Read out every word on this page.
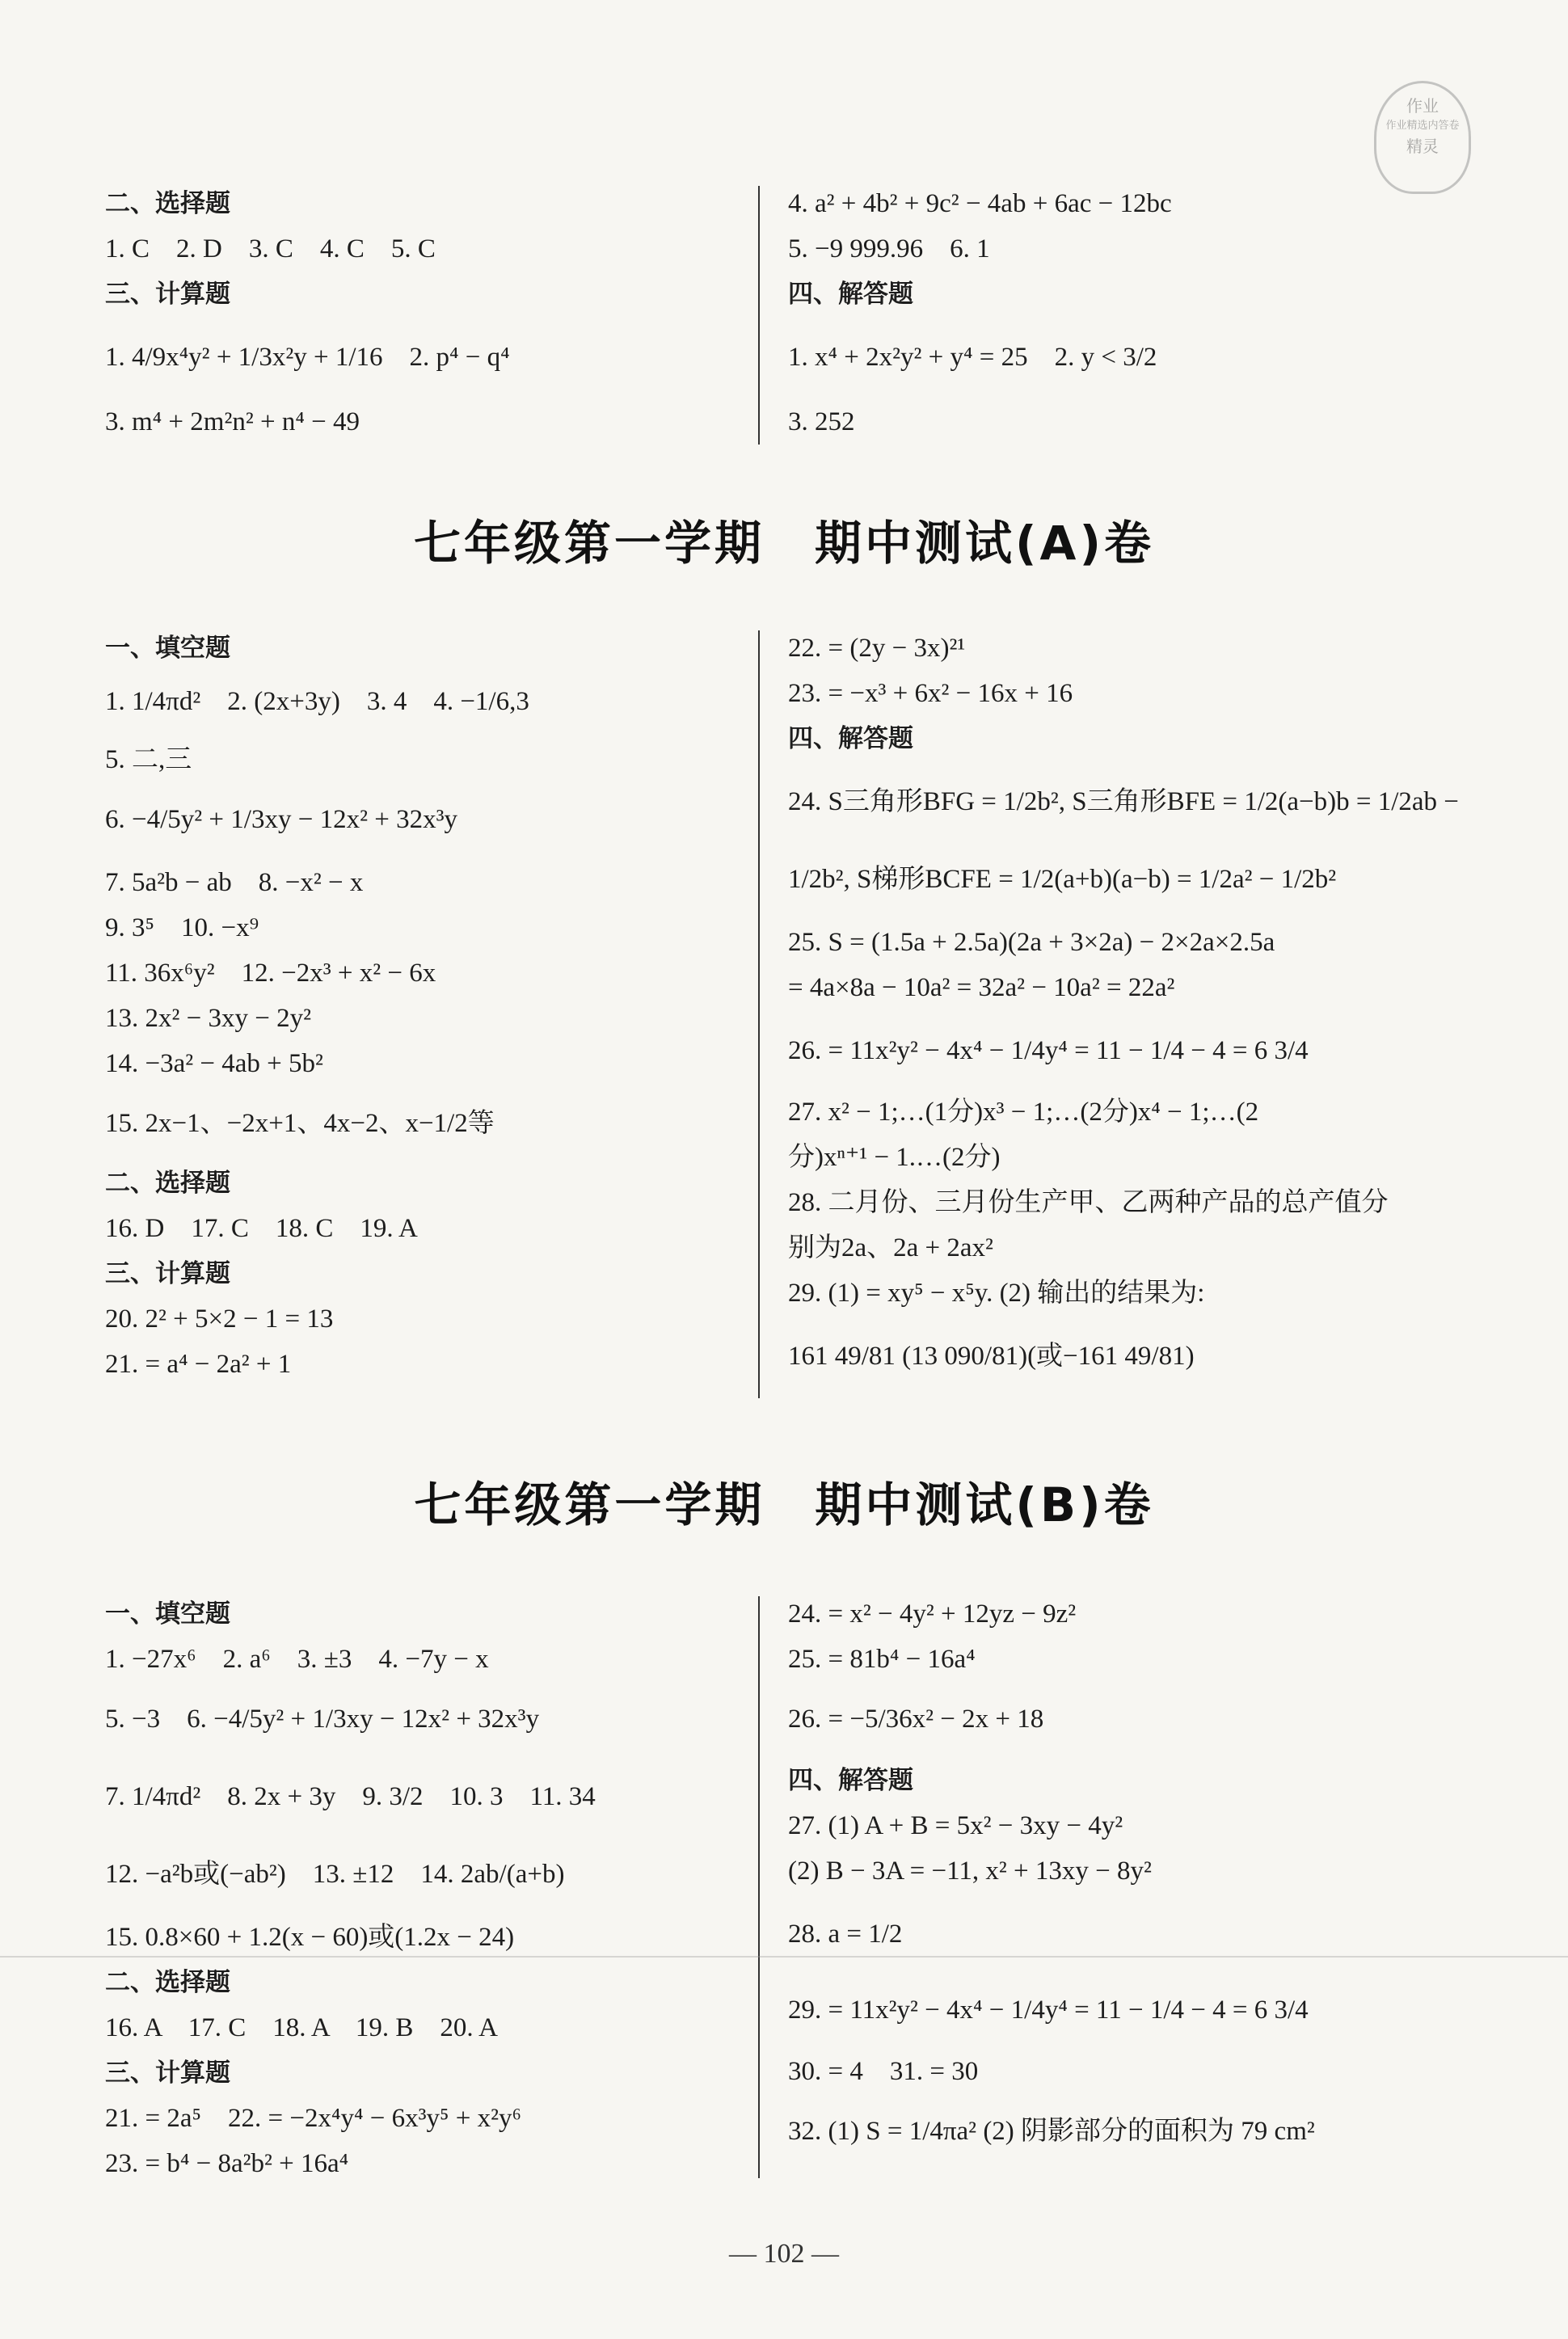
作业
作业精选内答卷
精灵
二、选择题
1. C　2. D　3. C　4. C　5. C
三、计算题
1. 4/9x⁴y² + 1/3x²y + 1/16　2. p⁴ − q⁴
3. m⁴ + 2m²n² + n⁴ − 49
4. a² + 4b² + 9c² − 4ab + 6ac − 12bc
5. −9 999.96　6. 1
四、解答题
1. x⁴ + 2x²y² + y⁴ = 25　2. y < 3/2
3. 252
七年级第一学期　期中测试(A)卷
一、填空题
1. 1/4πd²　2. (2x+3y)　3. 4　4. −1/6,3
5. 二,三
6. −4/5y² + 1/3xy − 12x² + 32x³y
7. 5a²b − ab　8. −x² − x
9. 3⁵　10. −x⁹
11. 36x⁶y²　12. −2x³ + x² − 6x
13. 2x² − 3xy − 2y²
14. −3a² − 4ab + 5b²
15. 2x−1、−2x+1、4x−2、x−1/2等
二、选择题
16. D　17. C　18. C　19. A
三、计算题
20. 2² + 5×2 − 1 = 13
21. = a⁴ − 2a² + 1
22. = (2y − 3x)²¹
23. = −x³ + 6x² − 16x + 16
四、解答题
24. S三角形BFG = 1/2b², S三角形BFE = 1/2(a−b)b = 1/2ab −
1/2b², S梯形BCFE = 1/2(a+b)(a−b) = 1/2a² − 1/2b²
25. S = (1.5a + 2.5a)(2a + 3×2a) − 2×2a×2.5a
= 4a×8a − 10a² = 32a² − 10a² = 22a²
26. = 11x²y² − 4x⁴ − 1/4y⁴ = 11 − 1/4 − 4 = 6 3/4
27. x² − 1;…(1分)x³ − 1;…(2分)x⁴ − 1;…(2
分)xⁿ⁺¹ − 1.…(2分)
28. 二月份、三月份生产甲、乙两种产品的总产值分
别为2a、2a + 2ax²
29. (1) = xy⁵ − x⁵y. (2) 输出的结果为:
161 49/81 (13 090/81)(或−161 49/81)
七年级第一学期　期中测试(B)卷
一、填空题
1. −27x⁶　2. a⁶　3. ±3　4. −7y − x
5. −3　6. −4/5y² + 1/3xy − 12x² + 32x³y
7. 1/4πd²　8. 2x + 3y　9. 3/2　10. 3　11. 34
12. −a²b或(−ab²)　13. ±12　14. 2ab/(a+b)
15. 0.8×60 + 1.2(x − 60)或(1.2x − 24)
二、选择题
16. A　17. C　18. A　19. B　20. A
三、计算题
21. = 2a⁵　22. = −2x⁴y⁴ − 6x³y⁵ + x²y⁶
23. = b⁴ − 8a²b² + 16a⁴
24. = x² − 4y² + 12yz − 9z²
25. = 81b⁴ − 16a⁴
26. = −5/36x² − 2x + 18
四、解答题
27. (1) A + B = 5x² − 3xy − 4y²
(2) B − 3A = −11, x² + 13xy − 8y²
28. a = 1/2
29. = 11x²y² − 4x⁴ − 1/4y⁴ = 11 − 1/4 − 4 = 6 3/4
30. = 4　31. = 30
32. (1) S = 1/4πa² (2) 阴影部分的面积为 79 cm²
— 102 —
